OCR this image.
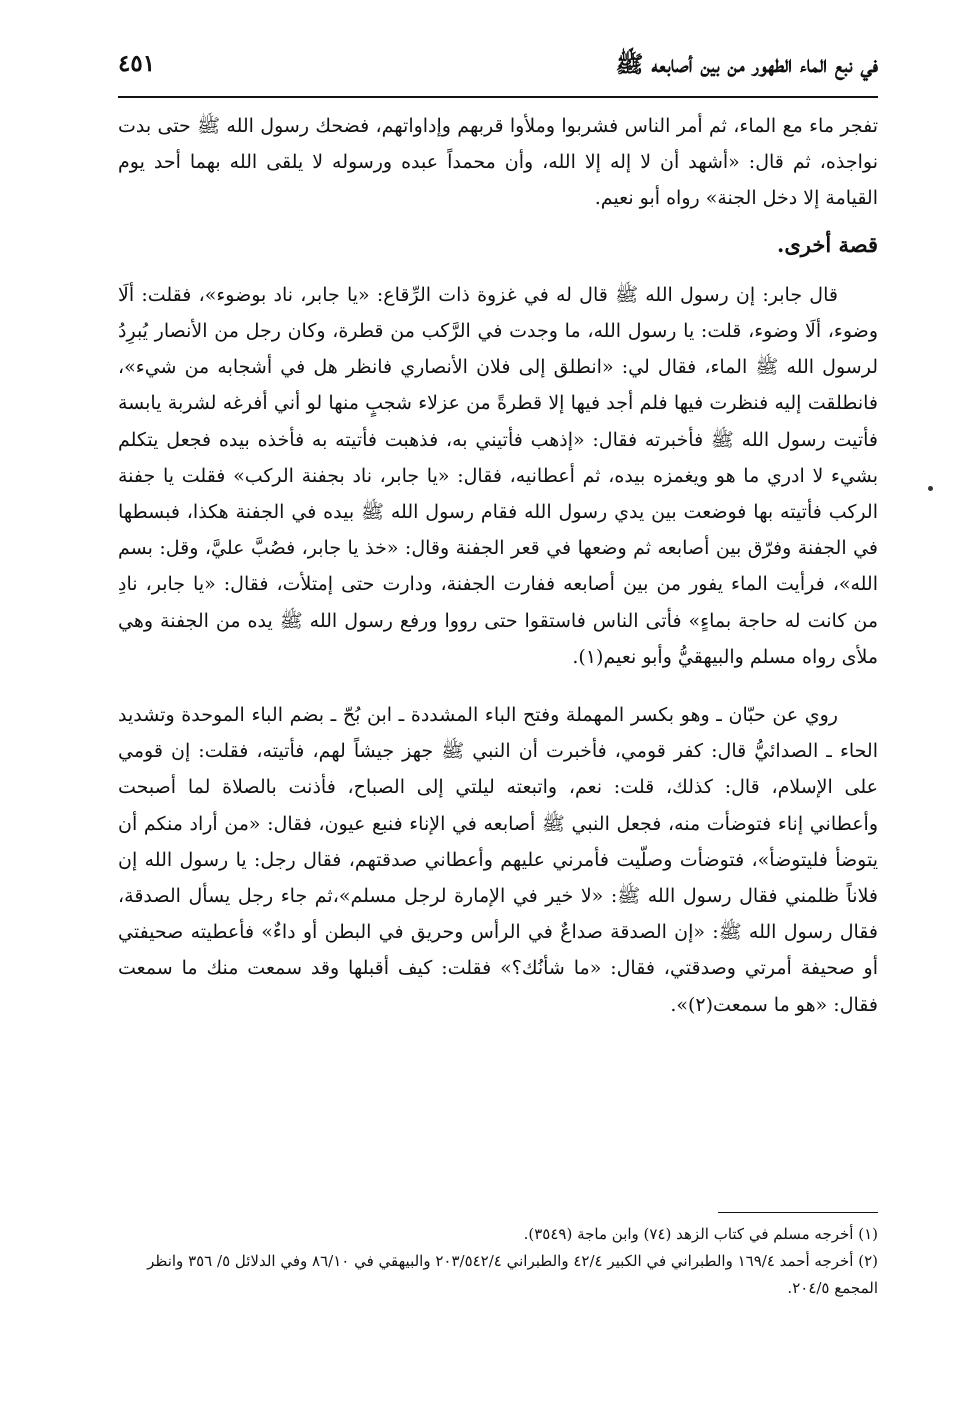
في نبع الماء الطهور من بين أصابعه ﷺ
٤٥١

تفجر ماء مع الماء، ثم أمر الناس فشربوا وملأوا قربهم وإداواتهم، فضحك رسول الله ﷺ حتى بدت نواجذه، ثم قال: «أشهد أن لا إله إلا الله، وأن محمداً عبده ورسوله لا يلقى الله بهما أحد يوم القيامة إلا دخل الجنة» رواه أبو نعيم.

قصة أخرى.

قال جابر: إن رسول الله ﷺ قال له في غزوة ذات الرِّقاع: «يا جابر، ناد بوضوء»، فقلت: ألَا وضوء، ألَا وضوء، قلت: يا رسول الله، ما وجدت في الرَّكب من قطرة، وكان رجل من الأنصار يُبرِدُ لرسول الله ﷺ الماء، فقال لي: «انطلق إلى فلان الأنصاري فانظر هل في أشجابه من شيء»، فانطلقت إليه فنظرت فيها فلم أجد فيها إلا قطرةً من عزلاء شجبٍ منها لو أني أفرغه لشربة يابسة فأتيت رسول الله ﷺ فأخبرته فقال: «إذهب فأتيني به، فذهبت فأتيته به فأخذه بيده فجعل يتكلم بشيء لا ادري ما هو ويغمزه بيده، ثم أعطانيه، فقال: «يا جابر، ناد بجفنة الركب» فقلت يا جفنة الركب فأتيته بها فوضعت بين يدي رسول الله فقام رسول الله ﷺ بيده في الجفنة هكذا، فبسطها في الجفنة وفرّق بين أصابعه ثم وضعها في قعر الجفنة وقال: «خذ يا جابر، فصُبَّ عليَّ، وقل: بسم الله»، فرأيت الماء يفور من بين أصابعه ففارت الجفنة، ودارت حتى إمتلأت، فقال: «يا جابر، نادِ من كانت له حاجة بماءٍ» فأتى الناس فاستقوا حتى رووا ورفع رسول الله ﷺ يده من الجفنة وهي ملأى رواه مسلم والبيهقيُّ وأبو نعيم(١).

روي عن حبّان ـ وهو بكسر المهملة وفتح الباء المشددة ـ ابن بُحّ ـ بضم الباء الموحدة وتشديد الحاء ـ الصدائيُّ قال: كفر قومي، فأخبرت أن النبي ﷺ جهز جيشاً لهم، فأتيته، فقلت: إن قومي على الإسلام، قال: كذلك، قلت: نعم، واتبعته ليلتي إلى الصباح، فأذنت بالصلاة لما أصبحت وأعطاني إناء فتوضأت منه، فجعل النبي ﷺ أصابعه في الإناء فنبع عيون، فقال: «من أراد منكم أن يتوضأ فليتوضأ»، فتوضأت وصلّيت فأمرني عليهم وأعطاني صدقتهم، فقال رجل: يا رسول الله إن فلاناً ظلمني فقال رسول الله ﷺ: «لا خير في الإمارة لرجل مسلم»،ثم جاء رجل يسأل الصدقة، فقال رسول الله ﷺ: «إن الصدقة صداعٌ في الرأس وحريق في البطن أو داءٌ» فأعطيته صحيفتي أو صحيفة أمرتي وصدقتي، فقال: «ما شأنُك؟» فقلت: كيف أقبلها وقد سمعت منك ما سمعت فقال: «هو ما سمعت(٢)».

(١) أخرجه مسلم في كتاب الزهد (٧٤) وابن ماجة (٣٥٤٩).

(٢) أخرجه أحمد ١٦٩/٤ والطبراني في الكبير ٤٢/٤ والطبراني ٢٠٣/٥٤٢/٤ والبيهقي في ٨٦/١٠ وفي الدلائل ٥/ ٣٥٦ وانظر المجمع ٢٠٤/٥.
